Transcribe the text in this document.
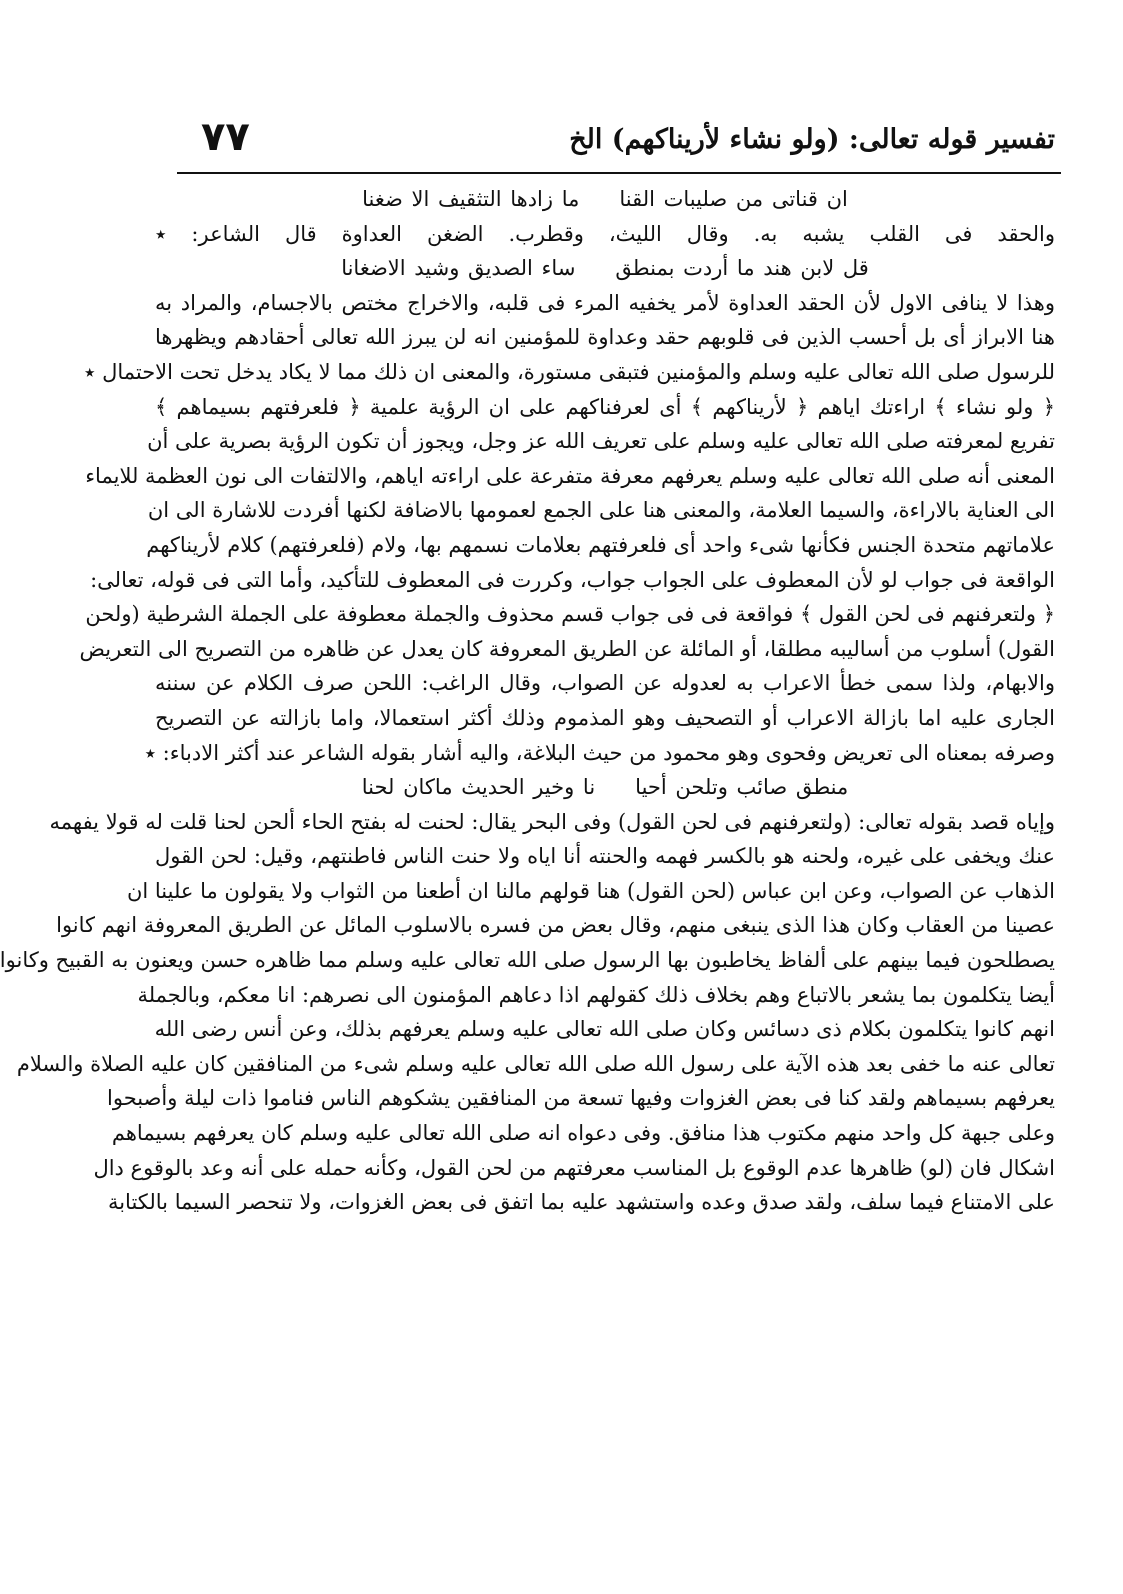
تفسير قوله تعالى: (ولو نشاء لأريناكهم) الخ
٧٧
ان قناتى من صليبات القناما زادها التثقيف الا ضغنا
والحقد فى القلب يشبه به. وقال الليث، وقطرب. الضغن العداوة قال الشاعر: ٭
قل لابن هند ما أردت بمنطقساء الصديق وشيد الاضغانا
وهذا لا ينافى الاول لأن الحقد العداوة لأمر يخفيه المرء فى قلبه، والاخراج مختص بالاجسام، والمراد به
هنا الابراز أى بل أحسب الذين فى قلوبهم حقد وعداوة للمؤمنين انه لن يبرز الله تعالى أحقادهم ويظهرها
للرسول صلى الله تعالى عليه وسلم والمؤمنين فتبقى مستورة، والمعنى ان ذلك مما لا يكاد يدخل تحت الاحتمال ٭
﴿ ولو نشاء ﴾ اراءتك اياهم ﴿ لأريناكهم ﴾ أى لعرفناكهم على ان الرؤية علمية ﴿ فلعرفتهم بسيماهم ﴾
تفريع لمعرفته صلى الله تعالى عليه وسلم على تعريف الله عز وجل، ويجوز أن تكون الرؤية بصرية على أن
المعنى أنه صلى الله تعالى عليه وسلم يعرفهم معرفة متفرعة على اراءته اياهم، والالتفات الى نون العظمة للايماء
الى العناية بالاراءة، والسيما العلامة، والمعنى هنا على الجمع لعمومها بالاضافة لكنها أفردت للاشارة الى ان
علاماتهم متحدة الجنس فكأنها شىء واحد أى فلعرفتهم بعلامات نسمهم بها، ولام (فلعرفتهم) كلام لأريناكهم
الواقعة فى جواب لو لأن المعطوف على الجواب جواب، وكررت فى المعطوف للتأكيد، وأما التى فى قوله، تعالى:
﴿ ولتعرفنهم فى لحن القول ﴾ فواقعة فى فى جواب قسم محذوف والجملة معطوفة على الجملة الشرطية (ولحن
القول) أسلوب من أساليبه مطلقا، أو المائلة عن الطريق المعروفة كان يعدل عن ظاهره من التصريح الى التعريض
والابهام، ولذا سمى خطأ الاعراب به لعدوله عن الصواب، وقال الراغب: اللحن صرف الكلام عن سننه
الجارى عليه اما بازالة الاعراب أو التصحيف وهو المذموم وذلك أكثر استعمالا، واما بازالته عن التصريح
وصرفه بمعناه الى تعريض وفحوى وهو محمود من حيث البلاغة، واليه أشار بقوله الشاعر عند أكثر الادباء: ٭
منطق صائب وتلحن أحيانا وخير الحديث ماكان لحنا
وإياه قصد بقوله تعالى: (ولتعرفنهم فى لحن القول) وفى البحر يقال: لحنت له بفتح الحاء ألحن لحنا قلت له قولا يفهمه
عنك ويخفى على غيره، ولحنه هو بالكسر فهمه والحنته أنا اياه ولا حنت الناس فاطنتهم، وقيل: لحن القول
الذهاب عن الصواب، وعن ابن عباس (لحن القول) هنا قولهم مالنا ان أطعنا من الثواب ولا يقولون ما علينا ان
عصينا من العقاب وكان هذا الذى ينبغى منهم، وقال بعض من فسره بالاسلوب المائل عن الطريق المعروفة انهم كانوا
يصطلحون فيما بينهم على ألفاظ يخاطبون بها الرسول صلى الله تعالى عليه وسلم مما ظاهره حسن ويعنون به القبيح وكانوا
أيضا يتكلمون بما يشعر بالاتباع وهم بخلاف ذلك كقولهم اذا دعاهم المؤمنون الى نصرهم: انا معكم، وبالجملة
انهم كانوا يتكلمون بكلام ذى دسائس وكان صلى الله تعالى عليه وسلم يعرفهم بذلك، وعن أنس رضى الله
تعالى عنه ما خفى بعد هذه الآية على رسول الله صلى الله تعالى عليه وسلم شىء من المنافقين كان عليه الصلاة والسلام
يعرفهم بسيماهم ولقد كنا فى بعض الغزوات وفيها تسعة من المنافقين يشكوهم الناس فناموا ذات ليلة وأصبحوا
وعلى جبهة كل واحد منهم مكتوب هذا منافق. وفى دعواه انه صلى الله تعالى عليه وسلم كان يعرفهم بسيماهم
اشكال فان (لو) ظاهرها عدم الوقوع بل المناسب معرفتهم من لحن القول، وكأنه حمله على أنه وعد بالوقوع دال
على الامتناع فيما سلف، ولقد صدق وعده واستشهد عليه بما اتفق فى بعض الغزوات، ولا تنحصر السيما بالكتابة
